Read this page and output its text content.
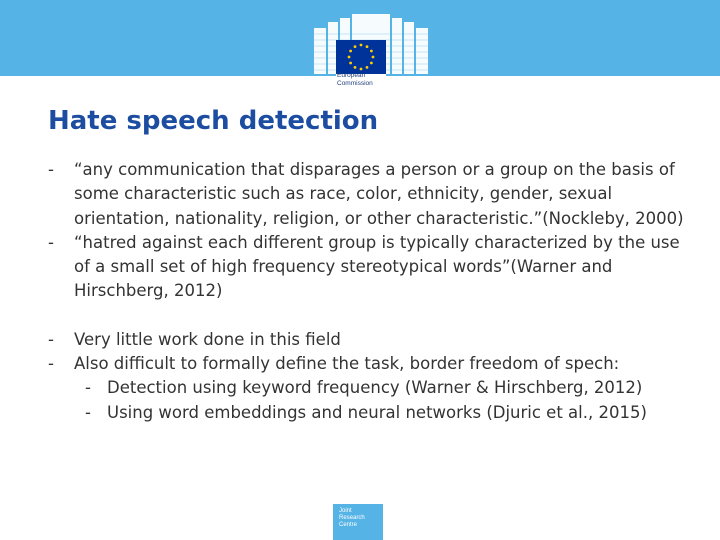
European
Commission
Hate speech detection
- “any communication that disparages a person or a group on the basis of some characteristic such as race, color, ethnicity, gender, sexual orientation, nationality, religion, or other characteristic.”(Nockleby, 2000)
- “hatred against each different group is typically characterized by the use of a small set of high frequency stereotypical words”(Warner and Hirschberg, 2012)
- Very little work done in this field
- Also difficult to formally define the task, border freedom of spech:
- Detection using keyword frequency (Warner & Hirschberg, 2012)
- Using word embeddings and neural networks (Djuric et al., 2015)
Joint
Research
Centre
